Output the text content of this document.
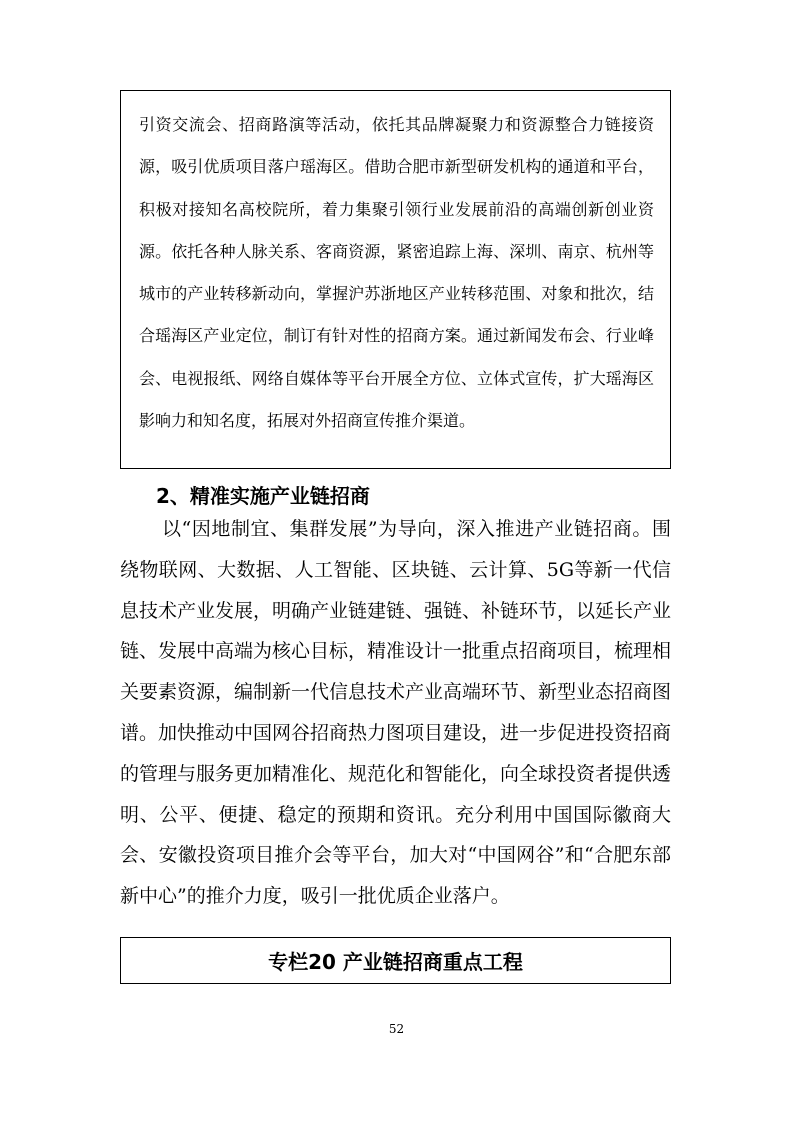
引资交流会、招商路演等活动，依托其品牌凝聚力和资源整合力链接资源，吸引优质项目落户瑶海区。借助合肥市新型研发机构的通道和平台，积极对接知名高校院所，着力集聚引领行业发展前沿的高端创新创业资源。依托各种人脉关系、客商资源，紧密追踪上海、深圳、南京、杭州等城市的产业转移新动向，掌握沪苏浙地区产业转移范围、对象和批次，结合瑶海区产业定位，制订有针对性的招商方案。通过新闻发布会、行业峰会、电视报纸、网络自媒体等平台开展全方位、立体式宣传，扩大瑶海区影响力和知名度，拓展对外招商宣传推介渠道。

2、精准实施产业链招商

以“因地制宜、集群发展”为导向，深入推进产业链招商。围绕物联网、大数据、人工智能、区块链、云计算、5G等新一代信息技术产业发展，明确产业链建链、强链、补链环节，以延长产业链、发展中高端为核心目标，精准设计一批重点招商项目，梳理相关要素资源，编制新一代信息技术产业高端环节、新型业态招商图谱。加快推动中国网谷招商热力图项目建设，进一步促进投资招商的管理与服务更加精准化、规范化和智能化，向全球投资者提供透明、公平、便捷、稳定的预期和资讯。充分利用中国国际徽商大会、安徽投资项目推介会等平台，加大对“中国网谷”和“合肥东部新中心”的推介力度，吸引一批优质企业落户。

专栏20 产业链招商重点工程
52
